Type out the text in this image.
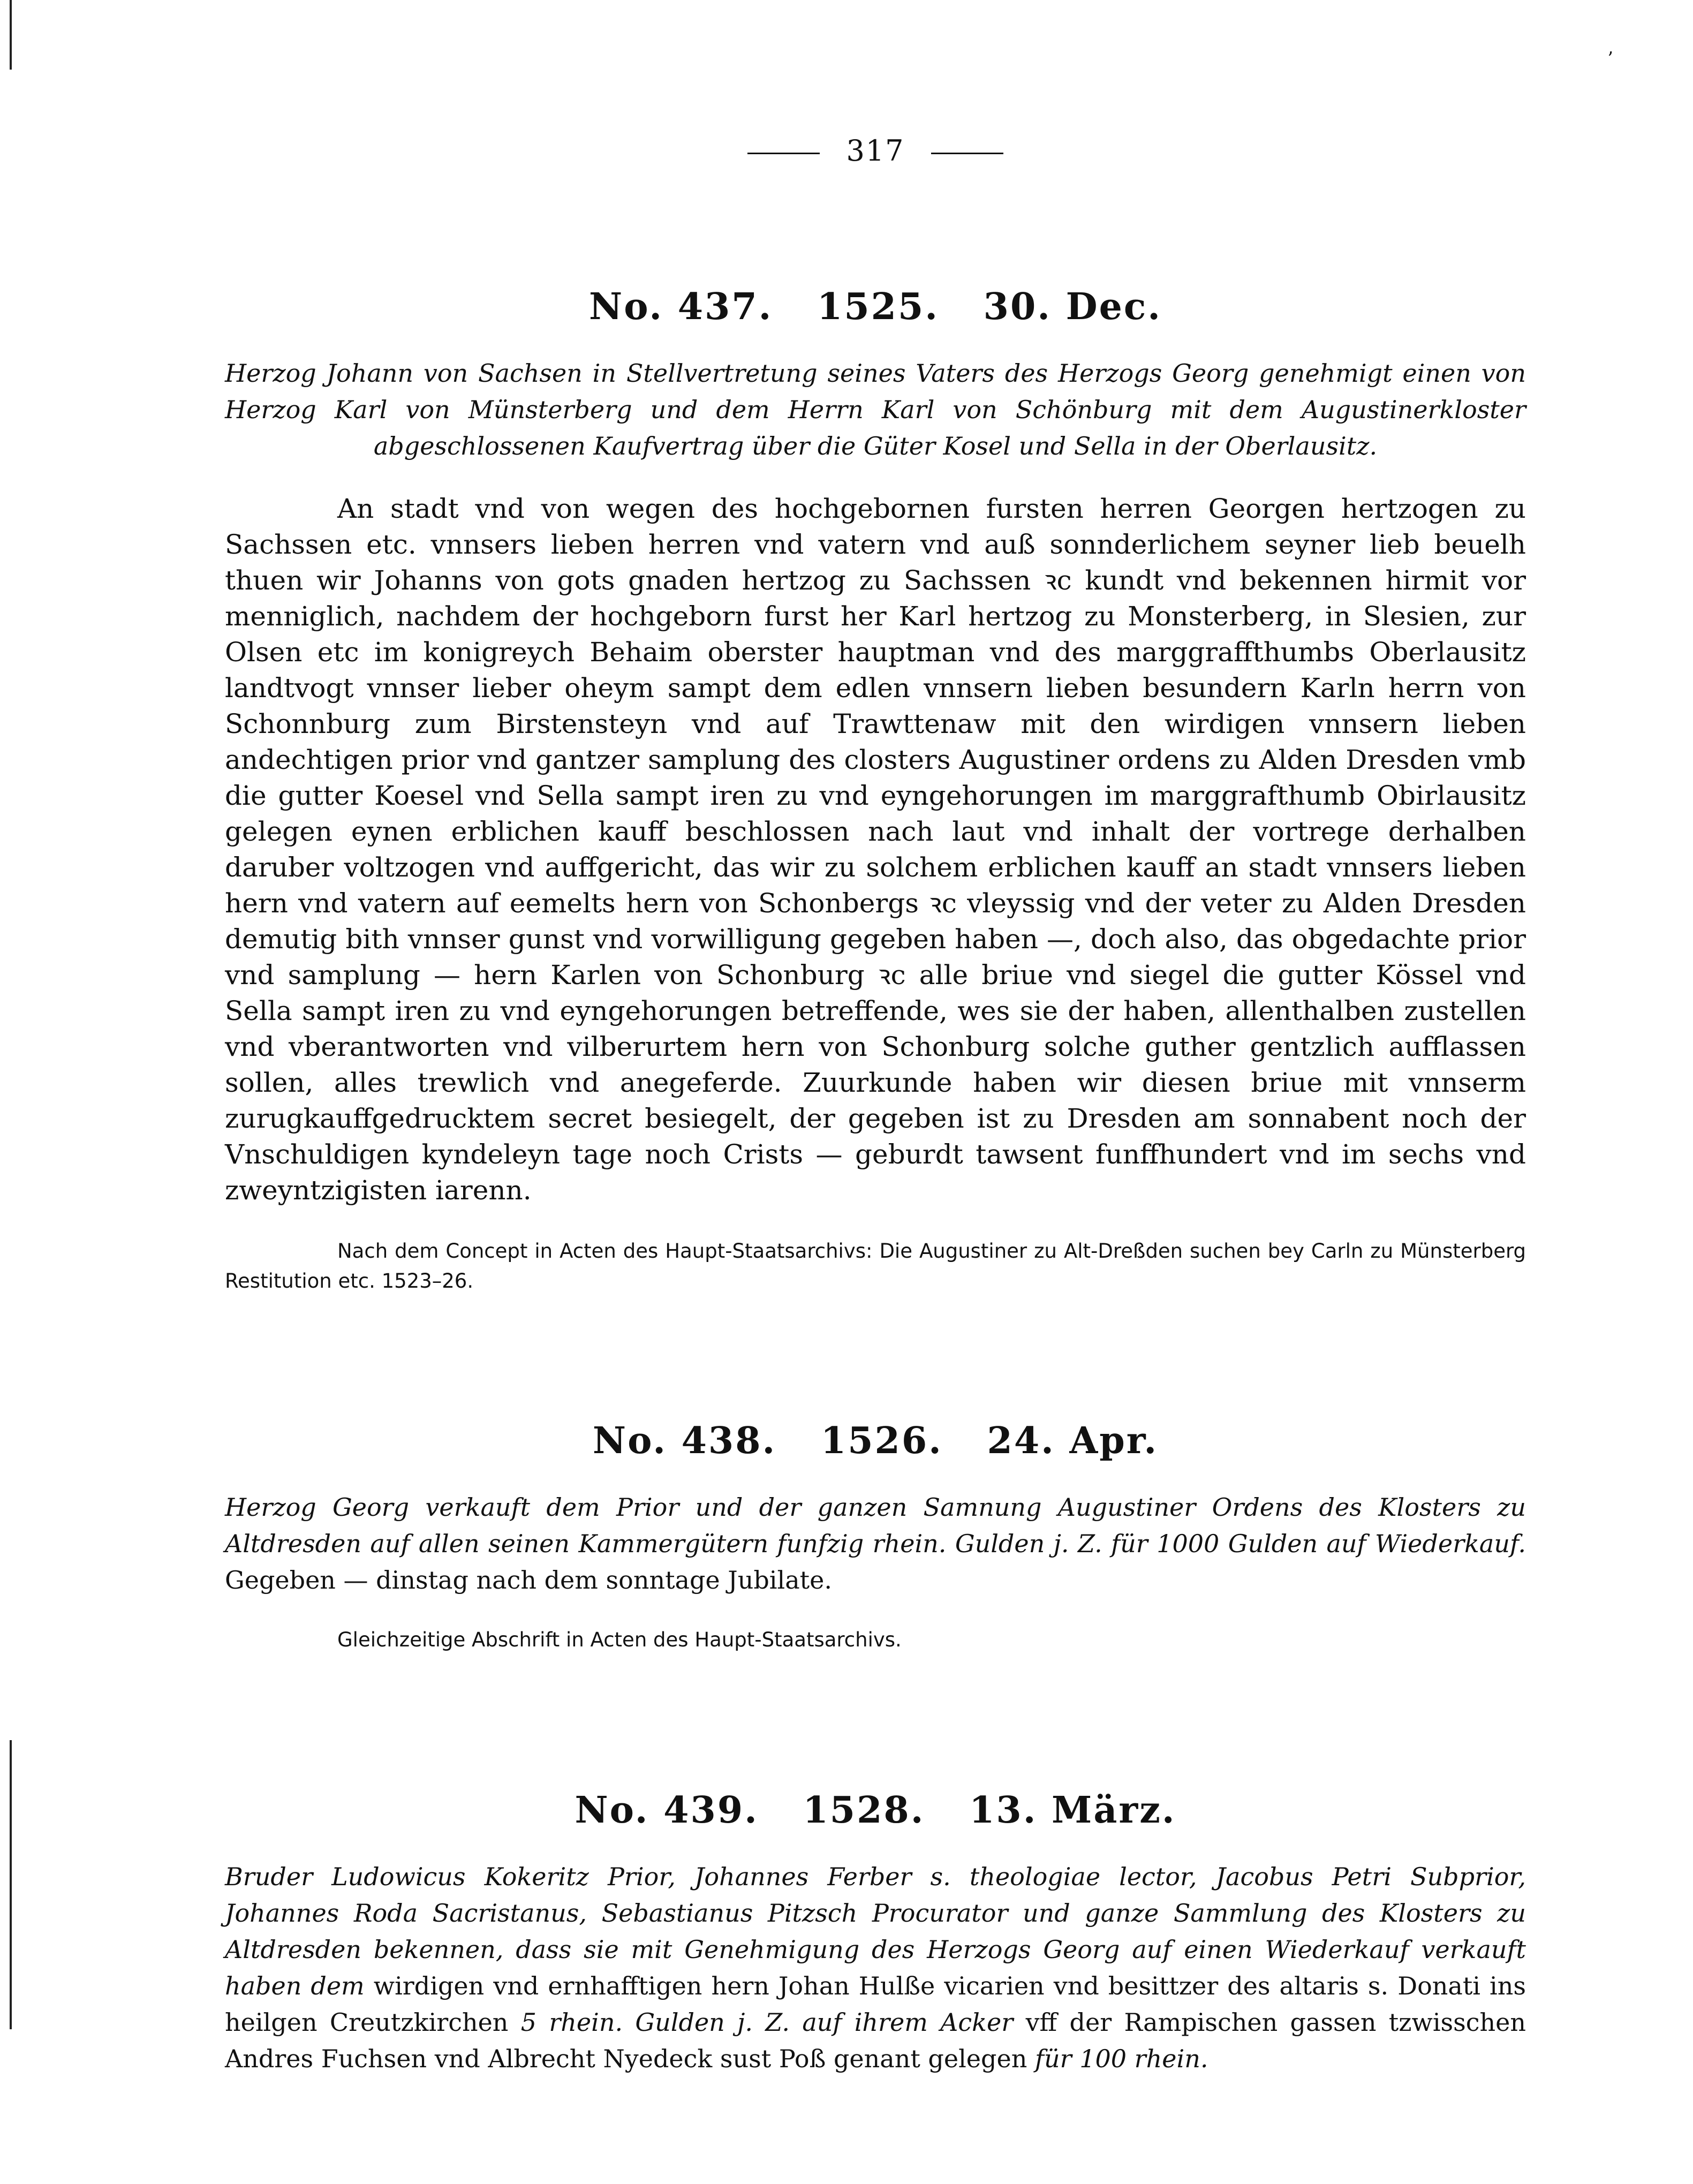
ʼ
317
No. 437. 1525. 30. Dec.

Herzog Johann von Sachsen in Stellvertretung seines Vaters des Herzogs Georg genehmigt einen von Herzog Karl von Münsterberg und dem Herrn Karl von Schönburg mit dem Augustinerkloster abgeschlossenen Kaufvertrag über die Güter Kosel und Sella in der Oberlausitz.

An stadt vnd von wegen des hochgebornen fursten herren Georgen hertzogen zu Sachssen etc. vnnsers lieben herren vnd vatern vnd auß sonnderlichem seyner lieb beuelh thuen wir Johanns von gots gnaden hertzog zu Sachssen ꝛc kundt vnd bekennen hirmit vor menniglich, nachdem der hochgeborn furst her Karl hertzog zu Monsterberg, in Slesien, zur Olsen etc im konigreych Behaim oberster hauptman vnd des marggraffthumbs Oberlausitz landtvogt vnnser lieber oheym sampt dem edlen vnnsern lieben besundern Karln herrn von Schonnburg zum Birstensteyn vnd auf Trawttenaw mit den wirdigen vnnsern lieben andechtigen prior vnd gantzer samplung des closters Augustiner ordens zu Alden Dresden vmb die gutter Koesel vnd Sella sampt iren zu vnd eyngehorungen im marggrafthumb Obirlausitz gelegen eynen erblichen kauff beschlossen nach laut vnd inhalt der vortrege derhalben daruber voltzogen vnd auffgericht, das wir zu solchem erblichen kauff an stadt vnnsers lieben hern vnd vatern auf eemelts hern von Schonbergs ꝛc vleyssig vnd der veter zu Alden Dresden demutig bith vnnser gunst vnd vorwilligung gegeben haben —, doch also, das obgedachte prior vnd samplung — hern Karlen von Schonburg ꝛc alle briue vnd siegel die gutter Kössel vnd Sella sampt iren zu vnd eyngehorungen betreffende, wes sie der haben, allenthalben zustellen vnd vberantworten vnd vilberurtem hern von Schonburg solche guther gentzlich aufflassen sollen, alles trewlich vnd anegeferde. Zuurkunde haben wir diesen briue mit vnnserm zurugkauffgedrucktem secret besiegelt, der gegeben ist zu Dresden am sonnabent noch der Vnschuldigen kyndeleyn tage noch Crists — geburdt tawsent funffhundert vnd im sechs vnd zweyntzigisten iarenn.

Nach dem Concept in Acten des Haupt-Staatsarchivs: Die Augustiner zu Alt-Dreßden suchen bey Carln zu Münsterberg Restitution etc. 1523–26.

No. 438. 1526. 24. Apr.

Herzog Georg verkauft dem Prior und der ganzen Samnung Augustiner Ordens des Klosters zu Altdresden auf allen seinen Kammergütern funfzig rhein. Gulden j. Z. für 1000 Gulden auf Wiederkauf. Gegeben — dinstag nach dem sonntage Jubilate.

Gleichzeitige Abschrift in Acten des Haupt-Staatsarchivs.

No. 439. 1528. 13. März.

Bruder Ludowicus Kokeritz Prior, Johannes Ferber s. theologiae lector, Jacobus Petri Subprior, Johannes Roda Sacristanus, Sebastianus Pitzsch Procurator und ganze Sammlung des Klosters zu Altdresden bekennen, dass sie mit Genehmigung des Herzogs Georg auf einen Wiederkauf verkauft haben dem wirdigen vnd ernhafftigen hern Johan Hulße vicarien vnd besittzer des altaris s. Donati ins heilgen Creutzkirchen 5 rhein. Gulden j. Z. auf ihrem Acker vff der Rampischen gassen tzwisschen Andres Fuchsen vnd Albrecht Nyedeck sust Poß genant gelegen für 100 rhein.
